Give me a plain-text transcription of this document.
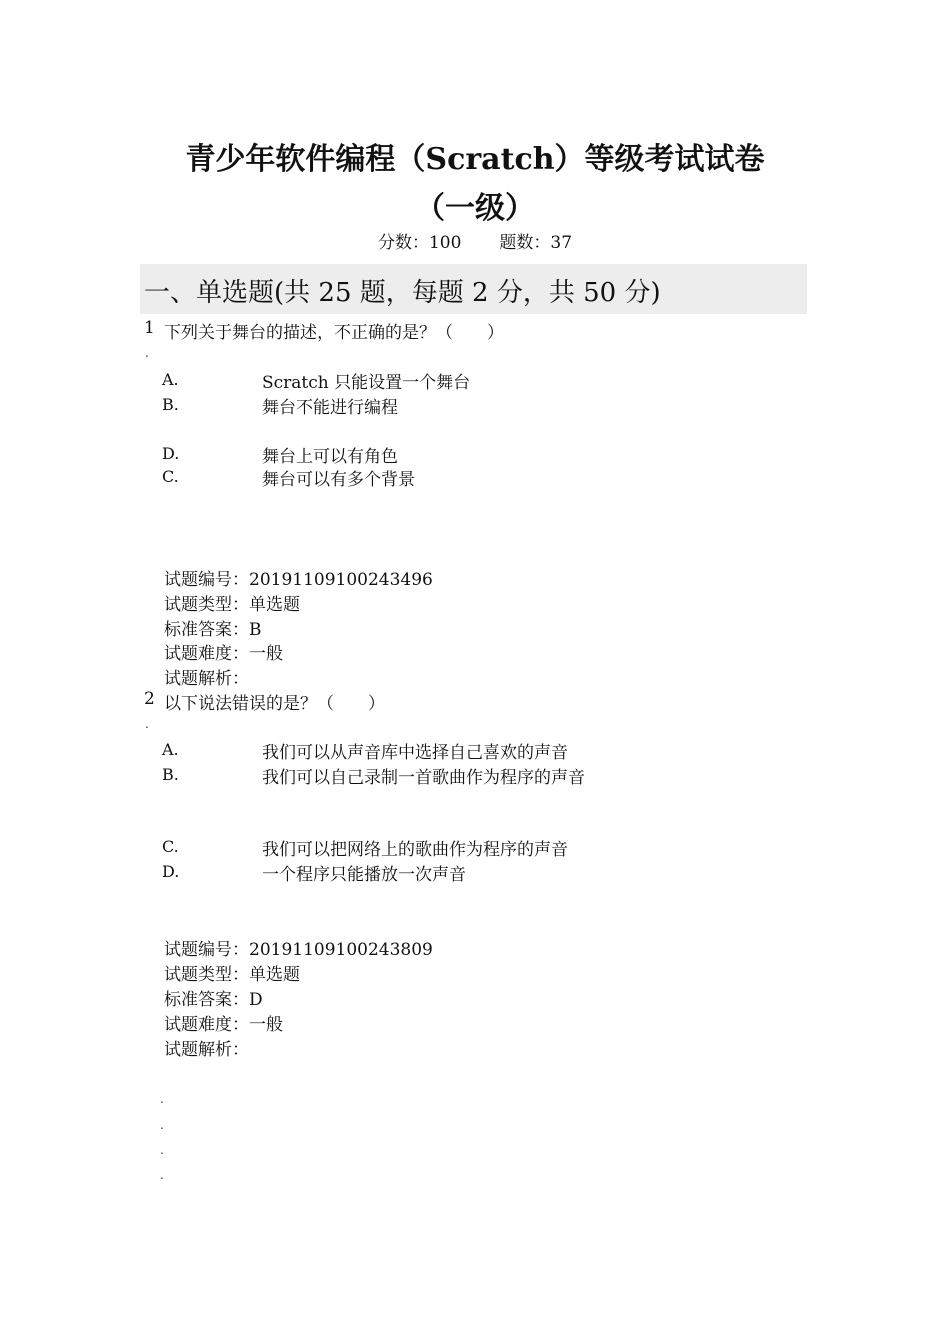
青少年软件编程（Scratch）等级考试试卷
（一级）
分数：100 题数：37
一、单选题(共 25 题，每题 2 分，共 50 分)
1 下列关于舞台的描述，不正确的是？（　　）
.
A.	Scratch 只能设置一个舞台
B.	舞台不能进行编程
D.	舞台上可以有角色
C.	舞台可以有多个背景
试题编号：20191109100243496
试题类型：单选题
标准答案：B
试题难度：一般
试题解析：
2 以下说法错误的是？（　　）
.
A.	我们可以从声音库中选择自己喜欢的声音
B.	我们可以自己录制一首歌曲作为程序的声音
C.	我们可以把网络上的歌曲作为程序的声音
D.	一个程序只能播放一次声音
试题编号：20191109100243809
试题类型：单选题
标准答案：D
试题难度：一般
试题解析：
.
.
.
.
